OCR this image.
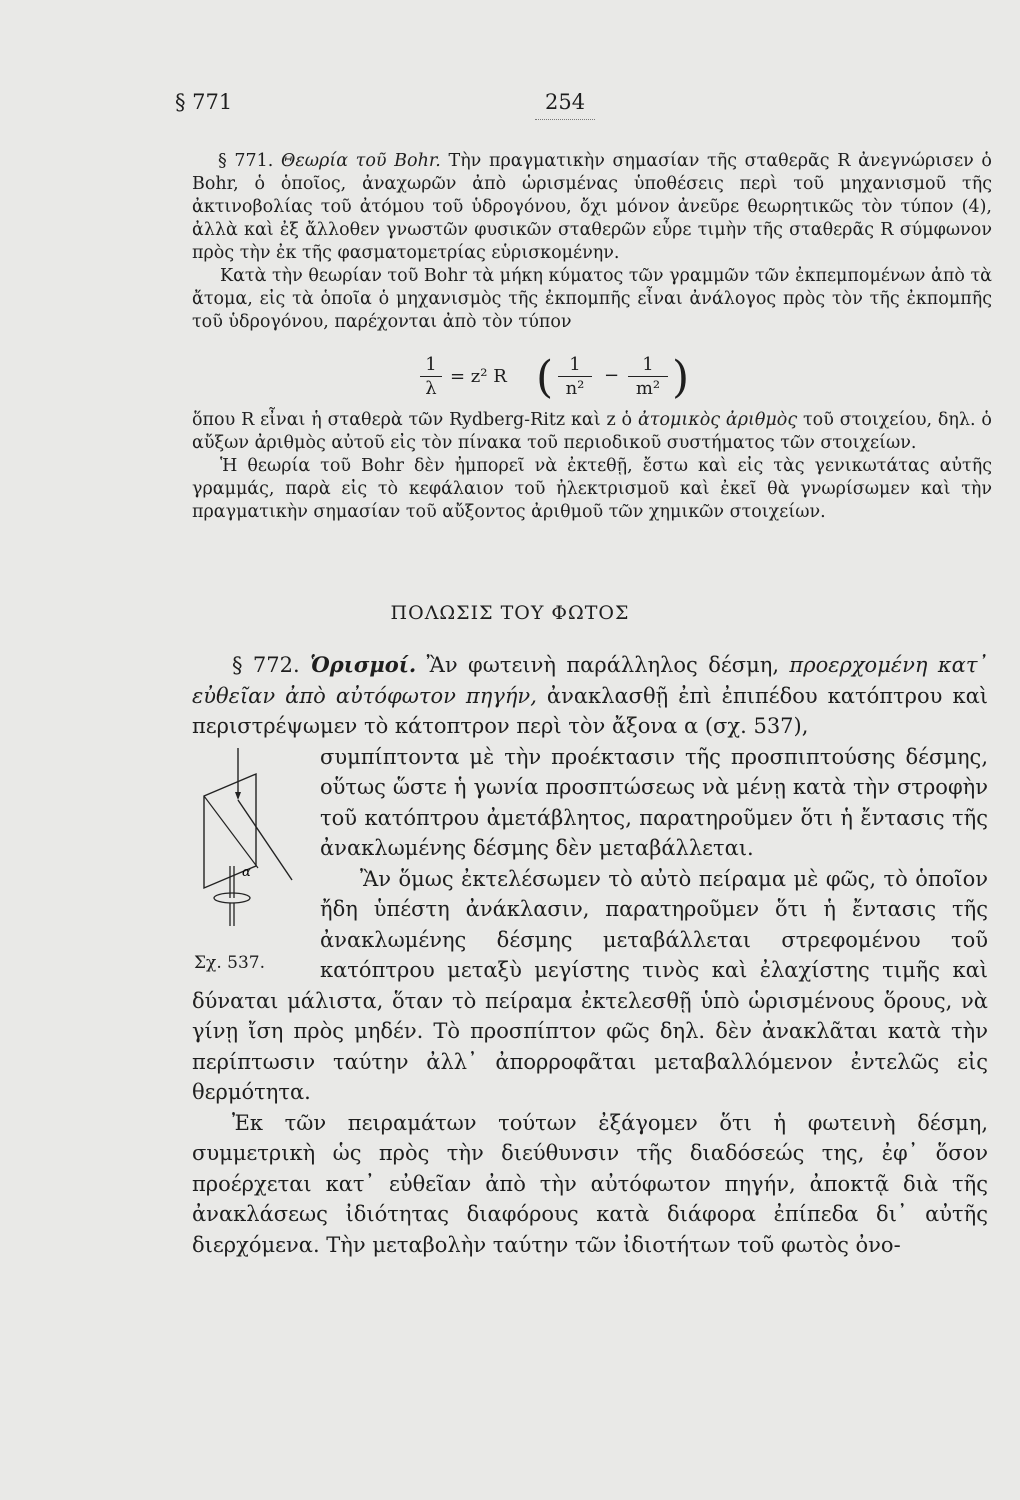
§ 771	254

§ 771. Θεωρία τοῦ Bohr. Τὴν πραγματικὴν σημασίαν τῆς σταθερᾶς R ἀνεγνώρισεν ὁ Bohr, ὁ ὁποῖος, ἀναχωρῶν ἀπὸ ὡρισμένας ὑποθέσεις περὶ τοῦ μηχανισμοῦ τῆς ἀκτινοβολίας τοῦ ἀτόμου τοῦ ὑδρογόνου, ὄχι μόνον ἀνεῦρε θεωρητικῶς τὸν τύπον (4), ἀλλὰ καὶ ἐξ ἄλλοθεν γνωστῶν φυσικῶν σταθερῶν εὗρε τιμὴν τῆς σταθερᾶς R σύμφωνον πρὸς τὴν ἐκ τῆς φασματομετρίας εὑρισκομένην.

Κατὰ τὴν θεωρίαν τοῦ Bohr τὰ μήκη κύματος τῶν γραμμῶν τῶν ἐκπεμπομένων ἀπὸ τὰ ἄτομα, εἰς τὰ ὁποῖα ὁ μηχανισμὸς τῆς ἐκπομπῆς εἶναι ἀνάλογος πρὸς τὸν τῆς ἐκπομπῆς τοῦ ὑδρογόνου, παρέχονται ἀπὸ τὸν τύπον

$\frac{1}{\lambda} = z^2$ R ( $\frac{1}{\text{n²}} - \frac{1}{\text{m²}}$ )

ὅπου R εἶναι ἡ σταθερὰ τῶν Rydberg-Ritz καὶ z ὁ ἀτομικὸς ἀριθμὸς τοῦ στοιχείου, δηλ. ὁ αὔξων ἀριθμὸς αὐτοῦ εἰς τὸν πίνακα τοῦ περιοδικοῦ συστήματος τῶν στοιχείων.

Ἡ θεωρία τοῦ Bohr δὲν ἠμπορεῖ νὰ ἐκτεθῇ, ἔστω καὶ εἰς τὰς γενικωτάτας αὐτῆς γραμμάς, παρὰ εἰς τὸ κεφάλαιον τοῦ ἠλεκτρισμοῦ καὶ ἐκεῖ θὰ γνωρίσωμεν καὶ τὴν πραγματικὴν σημασίαν τοῦ αὔξοντος ἀριθμοῦ τῶν χημικῶν στοιχείων.

ΠΟΛΩΣΙΣ ΤΟΥ ΦΩΤΟΣ

§ 772. Ὁρισμοί. Ἂν φωτεινὴ παράλληλος δέσμη, προερχομένη κατ᾽ εὐθεῖαν ἀπὸ αὐτόφωτον πηγήν, ἀνακλασθῇ ἐπὶ ἐπιπέδου κατόπτρου καὶ περιστρέψωμεν τὸ κάτοπτρον περὶ τὸν ἄξονα α (σχ. 537),

α
Σχ. 537.

συμπίπτοντα μὲ τὴν προέκτασιν τῆς προσπιπτούσης δέσμης, οὕτως ὥστε ἡ γωνία προσπτώσεως νὰ μένῃ κατὰ τὴν στροφὴν τοῦ κατόπτρου ἀμετάβλητος, παρατηροῦμεν ὅτι ἡ ἔντασις τῆς ἀνακλωμένης δέσμης δὲν μεταβάλλεται.

Ἂν ὅμως ἐκτελέσωμεν τὸ αὐτὸ πείραμα μὲ φῶς, τὸ ὁποῖον ἤδη ὑπέστη ἀνάκλασιν, παρατηροῦμεν ὅτι ἡ ἔντασις τῆς ἀνακλωμένης δέσμης μεταβάλλεται στρεφομένου τοῦ κατόπτρου μεταξὺ μεγίστης τινὸς καὶ ἐλαχίστης τιμῆς καὶ δύναται μάλιστα, ὅταν τὸ πείραμα ἐκτελεσθῇ ὑπὸ ὡρισμένους ὅρους, νὰ γίνῃ ἴση πρὸς μηδέν. Τὸ προσπίπτον φῶς δηλ. δὲν ἀνακλᾶται κατὰ τὴν περίπτωσιν ταύτην ἀλλ᾽ ἀπορροφᾶται μεταβαλλόμενον ἐντελῶς εἰς θερμότητα.

Ἐκ τῶν πειραμάτων τούτων ἐξάγομεν ὅτι ἡ φωτεινὴ δέσμη, συμμετρικὴ ὡς πρὸς τὴν διεύθυνσιν τῆς διαδόσεώς της, ἐφ᾽ ὅσον προέρχεται κατ᾽ εὐθεῖαν ἀπὸ τὴν αὐτόφωτον πηγήν, ἀποκτᾷ διὰ τῆς ἀνακλάσεως ἰδιότητας διαφόρους κατὰ διάφορα ἐπίπεδα δι᾽ αὐτῆς διερχόμενα. Τὴν μεταβολὴν ταύτην τῶν ἰδιοτήτων τοῦ φωτὸς ὀνο-
